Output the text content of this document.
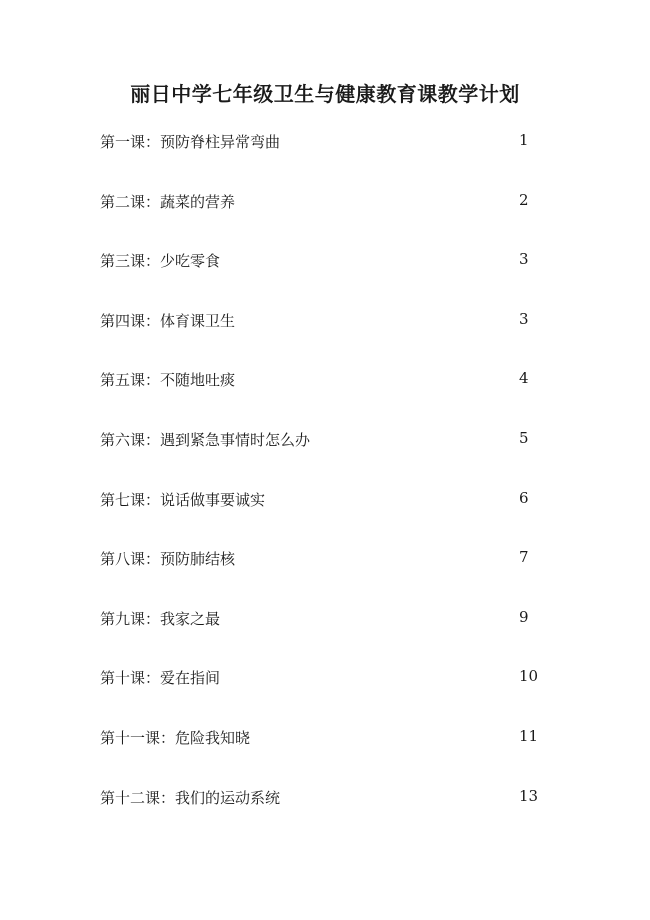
丽日中学七年级卫生与健康教育课教学计划
第一课：预防脊柱异常弯曲	1
第二课：蔬菜的营养	2
第三课：少吃零食	3
第四课：体育课卫生	3
第五课：不随地吐痰	4
第六课：遇到紧急事情时怎么办	5
第七课：说话做事要诚实	6
第八课：预防肺结核	7
第九课：我家之最	9
第十课：爱在指间	10
第十一课：危险我知晓	11
第十二课：我们的运动系统	13
